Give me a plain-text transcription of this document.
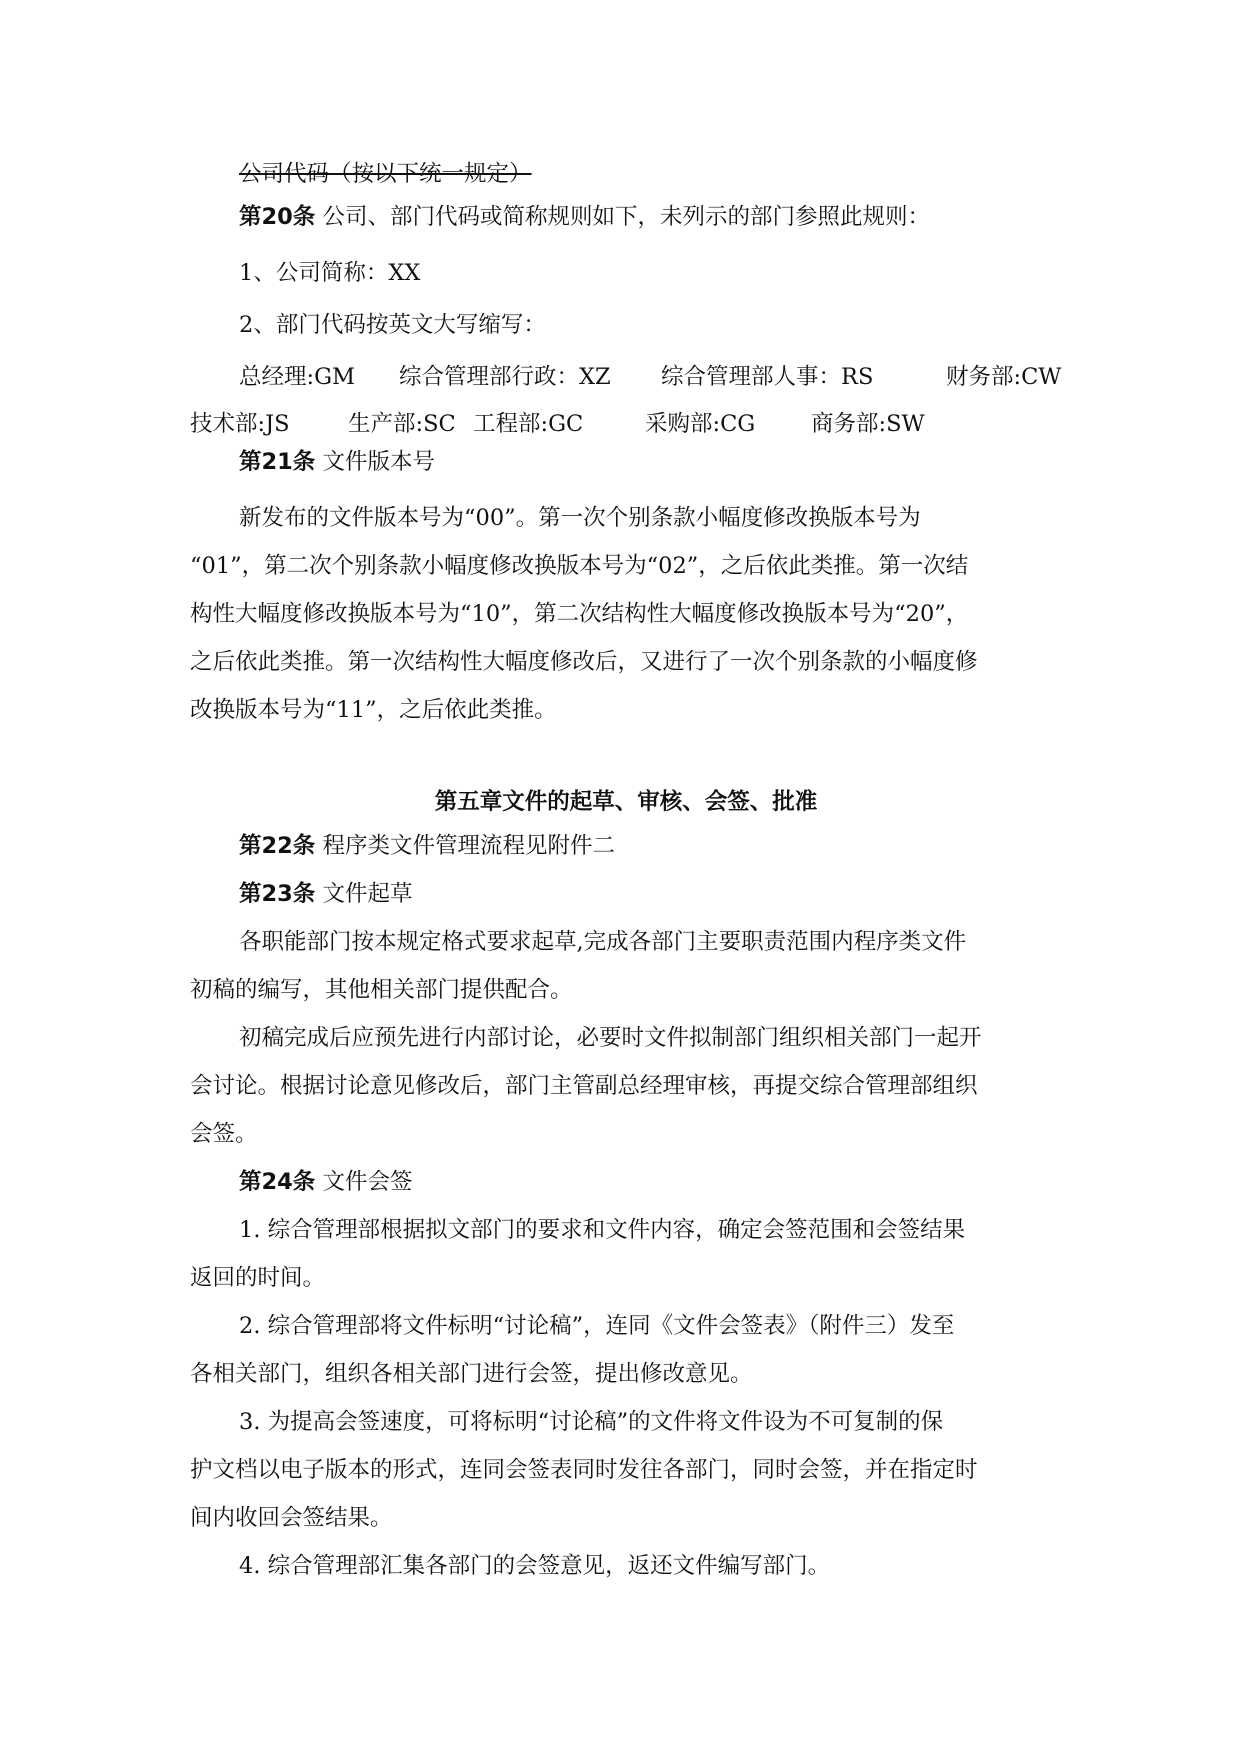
公司代码（按以下统一规定）
第20条 公司、部门代码或简称规则如下，未列示的部门参照此规则：
1、公司简称：XX
2、部门代码按英文大写缩写：
总经理:GM	综合管理部行政：XZ	综合管理部人事：RS	财务部:CW
技术部:JS	生产部:SC 工程部:GC	采购部:CG	商务部:SW
第21条 文件版本号
新发布的文件版本号为“00”。第一次个别条款小幅度修改换版本号为
“01”，第二次个别条款小幅度修改换版本号为“02”，之后依此类推。第一次结
构性大幅度修改换版本号为“10”，第二次结构性大幅度修改换版本号为“20”，
之后依此类推。第一次结构性大幅度修改后，又进行了一次个别条款的小幅度修
改换版本号为“11”，之后依此类推。
第五章文件的起草、审核、会签、批准
第22条 程序类文件管理流程见附件二
第23条 文件起草
各职能部门按本规定格式要求起草,完成各部门主要职责范围内程序类文件
初稿的编写，其他相关部门提供配合。
初稿完成后应预先进行内部讨论，必要时文件拟制部门组织相关部门一起开
会讨论。根据讨论意见修改后，部门主管副总经理审核，再提交综合管理部组织
会签。
第24条 文件会签
1. 综合管理部根据拟文部门的要求和文件内容，确定会签范围和会签结果
返回的时间。
2. 综合管理部将文件标明“讨论稿”，连同《文件会签表》（附件三）发至
各相关部门，组织各相关部门进行会签，提出修改意见。
3. 为提高会签速度，可将标明“讨论稿”的文件将文件设为不可复制的保
护文档以电子版本的形式，连同会签表同时发往各部门，同时会签，并在指定时
间内收回会签结果。
4. 综合管理部汇集各部门的会签意见，返还文件编写部门。
